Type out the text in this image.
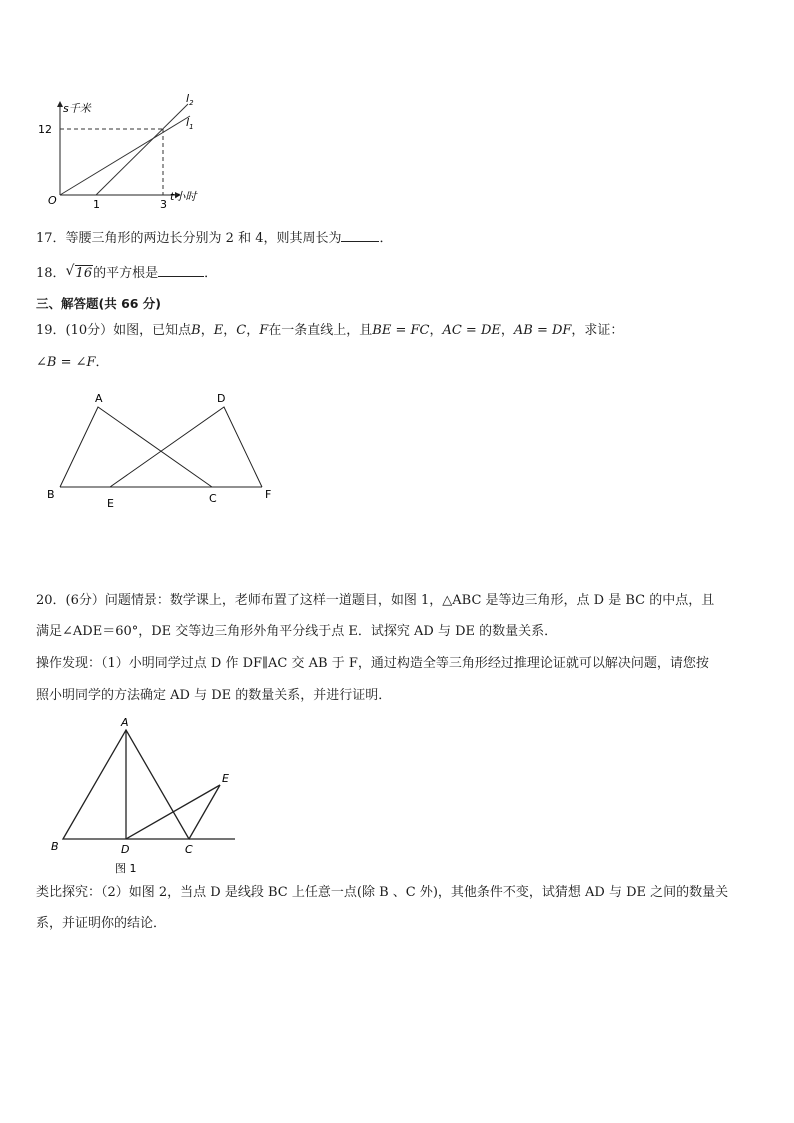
s千米
t小时
O
12
1	3
$l_2$
$l_1$
17．等腰三角形的两边长分别为 2 和 4，则其周长为	．
18． √ 16的平方根是	．
三、解答题(共 66 分)
19．(10分）如图，已知点B，E，C，F在一条直线上，且BE = FC，AC = DE，AB = DF，求证：
∠B = ∠F．
A	D
B
E	C	F
20．(6分）问题情景：数学课上，老师布置了这样一道题目，如图 1，△ABC 是等边三角形，点 D 是 BC 的中点，且
满足∠ADE＝60°，DE 交等边三角形外角平分线于点 E．试探究 AD 与 DE 的数量关系．
操作发现：（1）小明同学过点 D 作 DF∥AC 交 AB 于 F，通过构造全等三角形经过推理论证就可以解决问题，请您按
照小明同学的方法确定 AD 与 DE 的数量关系，并进行证明．
A
E
B	D	C
图 1
类比探究：（2）如图 2，当点 D 是线段 BC 上任意一点(除 B 、C 外)，其他条件不变，试猜想 AD 与 DE 之间的数量关
系，并证明你的结论．
